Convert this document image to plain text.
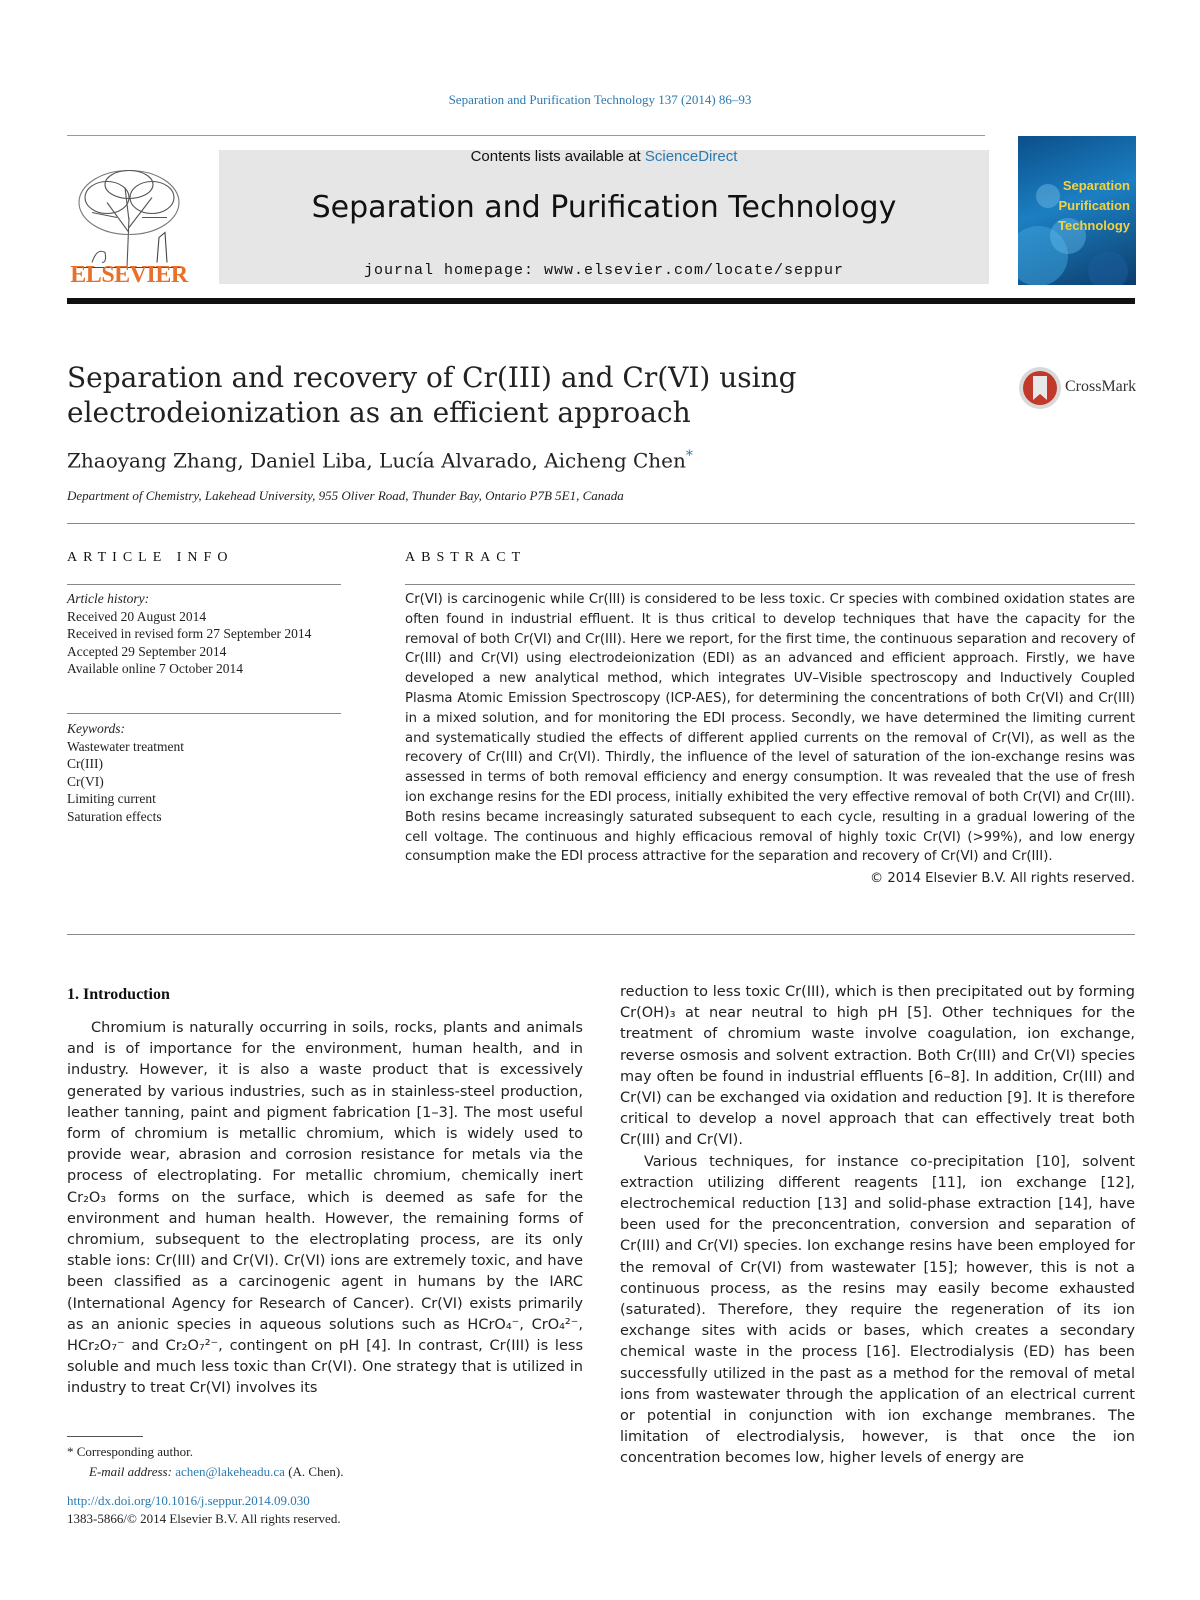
Separation and Purification Technology 137 (2014) 86–93
ELSEVIER
Contents lists available at ScienceDirect
Separation and Purification Technology
journal homepage: www.elsevier.com/locate/seppur
Separation
Purification
Technology
Separation and recovery of Cr(III) and Cr(VI) using electrodeionization as an efficient approach
CrossMark
Zhaoyang Zhang, Daniel Liba, Lucía Alvarado, Aicheng Chen*
Department of Chemistry, Lakehead University, 955 Oliver Road, Thunder Bay, Ontario P7B 5E1, Canada
ARTICLE INFO
Article history:
Received 20 August 2014
Received in revised form 27 September 2014
Accepted 29 September 2014
Available online 7 October 2014
Keywords:
Wastewater treatment
Cr(III)
Cr(VI)
Limiting current
Saturation effects
ABSTRACT
Cr(VI) is carcinogenic while Cr(III) is considered to be less toxic. Cr species with combined oxidation states are often found in industrial effluent. It is thus critical to develop techniques that have the capacity for the removal of both Cr(VI) and Cr(III). Here we report, for the first time, the continuous separation and recovery of Cr(III) and Cr(VI) using electrodeionization (EDI) as an advanced and efficient approach. Firstly, we have developed a new analytical method, which integrates UV–Visible spectroscopy and Inductively Coupled Plasma Atomic Emission Spectroscopy (ICP-AES), for determining the concentrations of both Cr(VI) and Cr(III) in a mixed solution, and for monitoring the EDI process. Secondly, we have determined the limiting current and systematically studied the effects of different applied currents on the removal of Cr(VI), as well as the recovery of Cr(III) and Cr(VI). Thirdly, the influence of the level of saturation of the ion-exchange resins was assessed in terms of both removal efficiency and energy consumption. It was revealed that the use of fresh ion exchange resins for the EDI process, initially exhibited the very effective removal of both Cr(VI) and Cr(III). Both resins became increasingly saturated subsequent to each cycle, resulting in a gradual lowering of the cell voltage. The continuous and highly efficacious removal of highly toxic Cr(VI) (>99%), and low energy consumption make the EDI process attractive for the separation and recovery of Cr(VI) and Cr(III).
© 2014 Elsevier B.V. All rights reserved.
1. Introduction

Chromium is naturally occurring in soils, rocks, plants and animals and is of importance for the environment, human health, and in industry. However, it is also a waste product that is excessively generated by various industries, such as in stainless-steel production, leather tanning, paint and pigment fabrication [1–3]. The most useful form of chromium is metallic chromium, which is widely used to provide wear, abrasion and corrosion resistance for metals via the process of electroplating. For metallic chromium, chemically inert Cr₂O₃ forms on the surface, which is deemed as safe for the environment and human health. However, the remaining forms of chromium, subsequent to the electroplating process, are its only stable ions: Cr(III) and Cr(VI). Cr(VI) ions are extremely toxic, and have been classified as a carcinogenic agent in humans by the IARC (International Agency for Research of Cancer). Cr(VI) exists primarily as an anionic species in aqueous solutions such as HCrO₄⁻, CrO₄²⁻, HCr₂O₇⁻ and Cr₂O₇²⁻, contingent on pH [4]. In contrast, Cr(III) is less soluble and much less toxic than Cr(VI). One strategy that is utilized in industry to treat Cr(VI) involves its

reduction to less toxic Cr(III), which is then precipitated out by forming Cr(OH)₃ at near neutral to high pH [5]. Other techniques for the treatment of chromium waste involve coagulation, ion exchange, reverse osmosis and solvent extraction. Both Cr(III) and Cr(VI) species may often be found in industrial effluents [6–8]. In addition, Cr(III) and Cr(VI) can be exchanged via oxidation and reduction [9]. It is therefore critical to develop a novel approach that can effectively treat both Cr(III) and Cr(VI).

Various techniques, for instance co-precipitation [10], solvent extraction utilizing different reagents [11], ion exchange [12], electrochemical reduction [13] and solid-phase extraction [14], have been used for the preconcentration, conversion and separation of Cr(III) and Cr(VI) species. Ion exchange resins have been employed for the removal of Cr(VI) from wastewater [15]; however, this is not a continuous process, as the resins may easily become exhausted (saturated). Therefore, they require the regeneration of its ion exchange sites with acids or bases, which creates a secondary chemical waste in the process [16]. Electrodialysis (ED) has been successfully utilized in the past as a method for the removal of metal ions from wastewater through the application of an electrical current or potential in conjunction with ion exchange membranes. The limitation of electrodialysis, however, is that once the ion concentration becomes low, higher levels of energy are

* Corresponding author.
E-mail address: achen@lakeheadu.ca (A. Chen).
http://dx.doi.org/10.1016/j.seppur.2014.09.030
1383-5866/© 2014 Elsevier B.V. All rights reserved.
